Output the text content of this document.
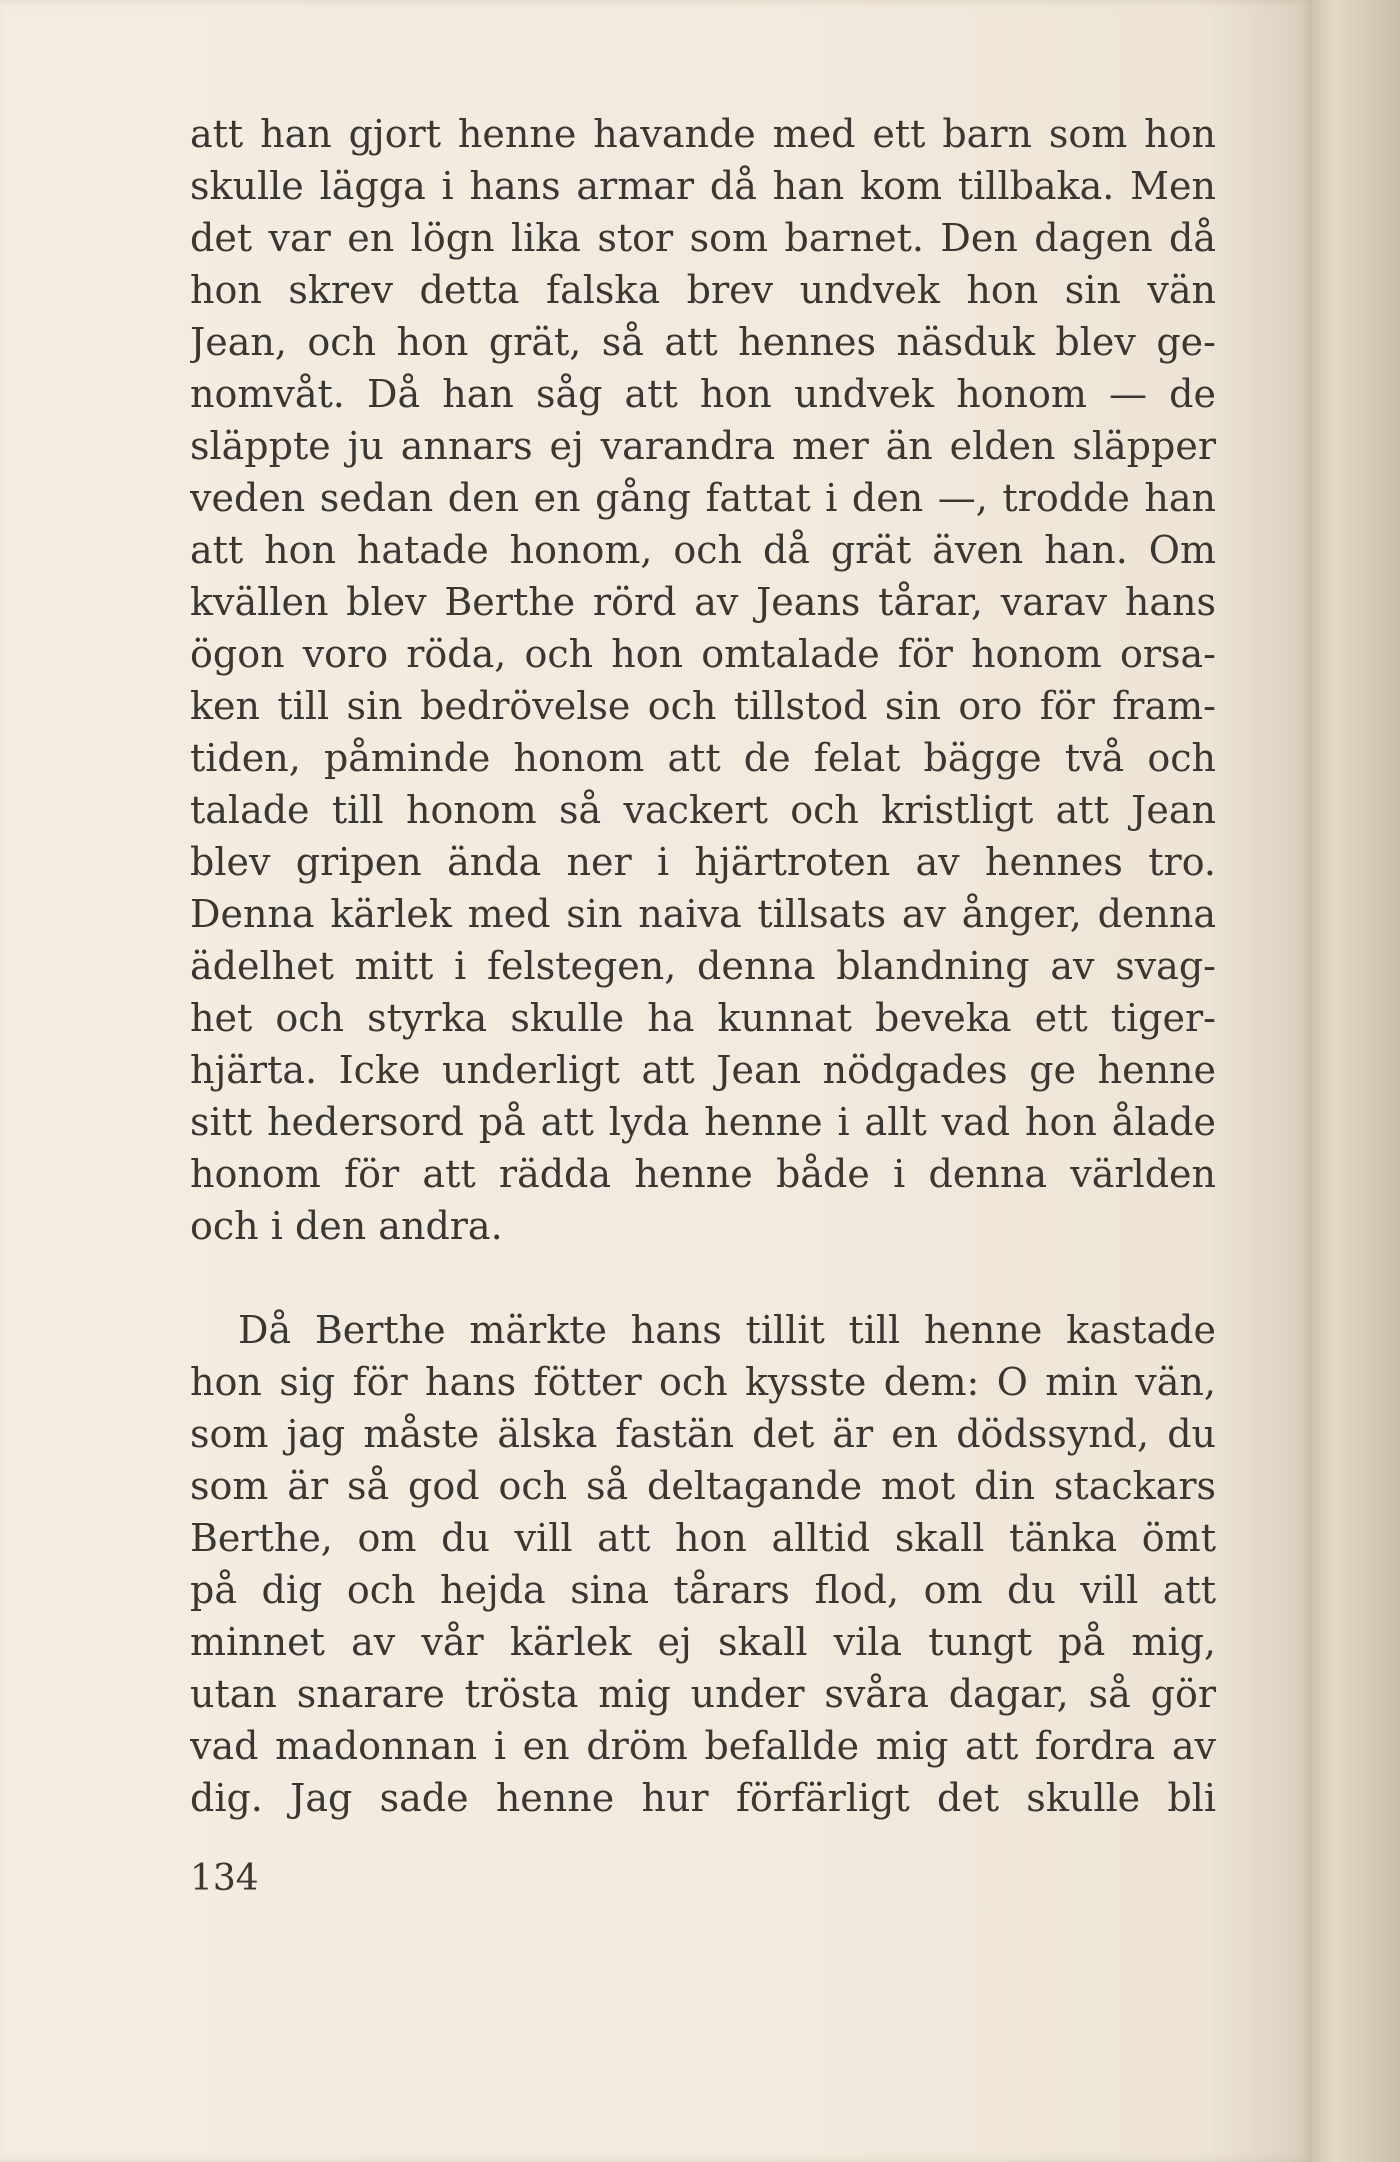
att han gjort henne havande med ett barn som hon
skulle lägga i hans armar då han kom tillbaka. Men
det var en lögn lika stor som barnet. Den dagen då
hon skrev detta falska brev undvek hon sin vän
Jean, och hon grät, så att hennes näsduk blev ge-
nomvåt. Då han såg att hon undvek honom — de
släppte ju annars ej varandra mer än elden släpper
veden sedan den en gång fattat i den —, trodde han
att hon hatade honom, och då grät även han. Om
kvällen blev Berthe rörd av Jeans tårar, varav hans
ögon voro röda, och hon omtalade för honom orsa-
ken till sin bedrövelse och tillstod sin oro för fram-
tiden, påminde honom att de felat bägge två och
talade till honom så vackert och kristligt att Jean
blev gripen ända ner i hjärtroten av hennes tro.
Denna kärlek med sin naiva tillsats av ånger, denna
ädelhet mitt i felstegen, denna blandning av svag-
het och styrka skulle ha kunnat beveka ett tiger-
hjärta. Icke underligt att Jean nödgades ge henne
sitt hedersord på att lyda henne i allt vad hon ålade
honom för att rädda henne både i denna världen
och i den andra.
Då Berthe märkte hans tillit till henne kastade
hon sig för hans fötter och kysste dem: O min vän,
som jag måste älska fastän det är en dödssynd, du
som är så god och så deltagande mot din stackars
Berthe, om du vill att hon alltid skall tänka ömt
på dig och hejda sina tårars flod, om du vill att
minnet av vår kärlek ej skall vila tungt på mig,
utan snarare trösta mig under svåra dagar, så gör
vad madonnan i en dröm befallde mig att fordra av
dig. Jag sade henne hur förfärligt det skulle bli
134
